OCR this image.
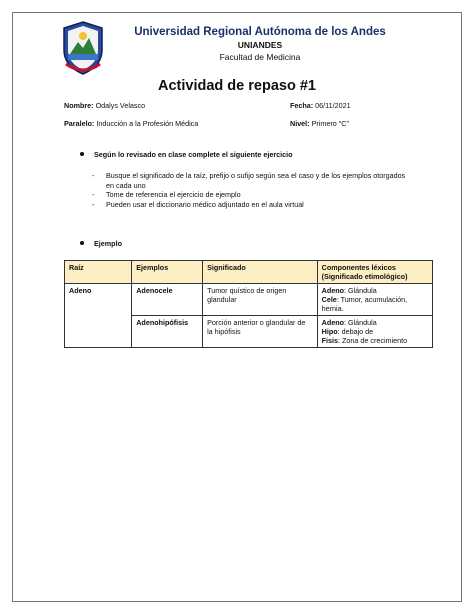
Universidad Regional Autónoma de los Andes
UNIANDES
Facultad de Medicina
Actividad de repaso #1
Nombre: Odalys Velasco	Fecha: 06/11/2021
Paralelo: Inducción a la Profesión Médica	Nivel: Primero "C"
Según lo revisado en clase complete el siguiente ejercicio
-	Busque el significado de la raíz, prefijo o sufijo según sea el caso y de los ejemplos otorgados en cada uno
-	Tome de referencia el ejercicio de ejemplo
-	Pueden usar el diccionario médico adjuntado en el aula virtual
Ejemplo
Raíz	Ejemplos	Significado	Componentes léxicos (Significado etimológico)
Adeno	Adenocele	Tumor quístico de origen glandular	Adeno: Glándula
Cele: Tumor, acumulación, hernia.

	Adenohipófisis	Porción anterior o glandular de la hipófisis	Adeno: Glándula
Hipo: debajo de
Fisis: Zona de crecimiento
